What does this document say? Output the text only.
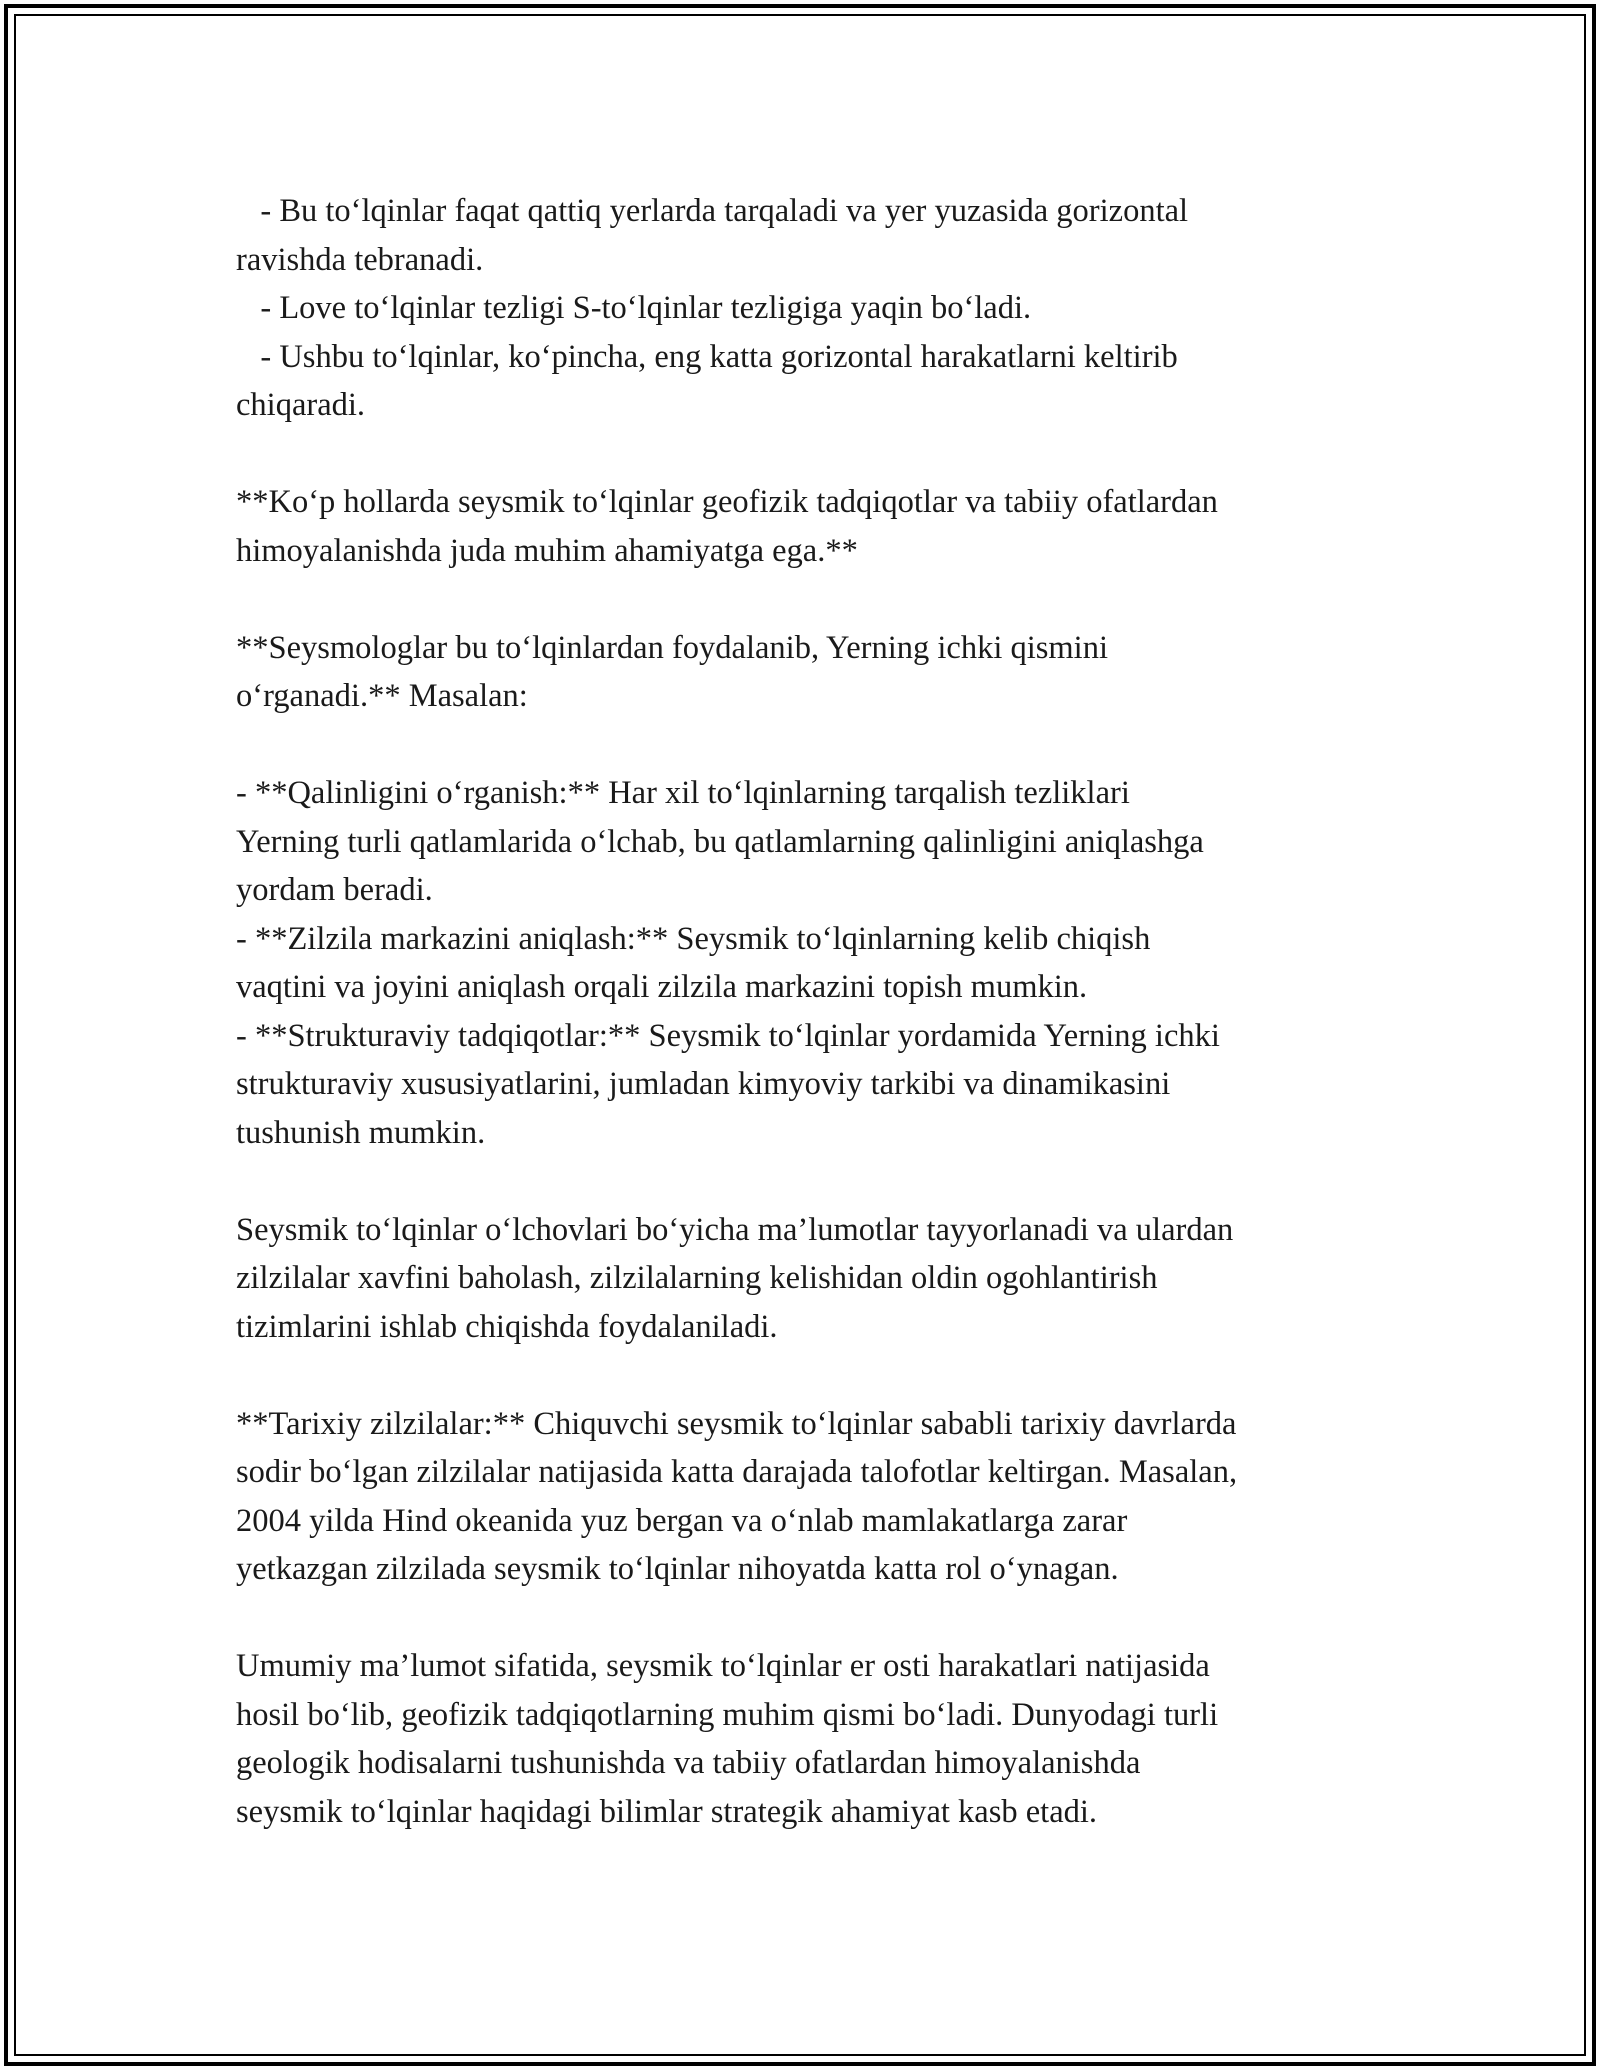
- Bu to‘lqinlar faqat qattiq yerlarda tarqaladi va yer yuzasida gorizontal
ravishda tebranadi.
- Love to‘lqinlar tezligi S-to‘lqinlar tezligiga yaqin bo‘ladi.
- Ushbu to‘lqinlar, ko‘pincha, eng katta gorizontal harakatlarni keltirib
chiqaradi.
**Ko‘p hollarda seysmik to‘lqinlar geofizik tadqiqotlar va tabiiy ofatlardan
himoyalanishda juda muhim ahamiyatga ega.**
**Seysmologlar bu to‘lqinlardan foydalanib, Yerning ichki qismini
o‘rganadi.** Masalan:
- **Qalinligini o‘rganish:** Har xil to‘lqinlarning tarqalish tezliklari
Yerning turli qatlamlarida o‘lchab, bu qatlamlarning qalinligini aniqlashga
yordam beradi.
- **Zilzila markazini aniqlash:** Seysmik to‘lqinlarning kelib chiqish
vaqtini va joyini aniqlash orqali zilzila markazini topish mumkin.
- **Strukturaviy tadqiqotlar:** Seysmik to‘lqinlar yordamida Yerning ichki
strukturaviy xususiyatlarini, jumladan kimyoviy tarkibi va dinamikasini
tushunish mumkin.
Seysmik to‘lqinlar o‘lchovlari bo‘yicha ma’lumotlar tayyorlanadi va ulardan
zilzilalar xavfini baholash, zilzilalarning kelishidan oldin ogohlantirish
tizimlarini ishlab chiqishda foydalaniladi.
**Tarixiy zilzilalar:** Chiquvchi seysmik to‘lqinlar sababli tarixiy davrlarda
sodir bo‘lgan zilzilalar natijasida katta darajada talofotlar keltirgan. Masalan,
2004 yilda Hind okeanida yuz bergan va o‘nlab mamlakatlarga zarar
yetkazgan zilzilada seysmik to‘lqinlar nihoyatda katta rol o‘ynagan.
Umumiy ma’lumot sifatida, seysmik to‘lqinlar er osti harakatlari natijasida
hosil bo‘lib, geofizik tadqiqotlarning muhim qismi bo‘ladi. Dunyodagi turli
geologik hodisalarni tushunishda va tabiiy ofatlardan himoyalanishda
seysmik to‘lqinlar haqidagi bilimlar strategik ahamiyat kasb etadi.
